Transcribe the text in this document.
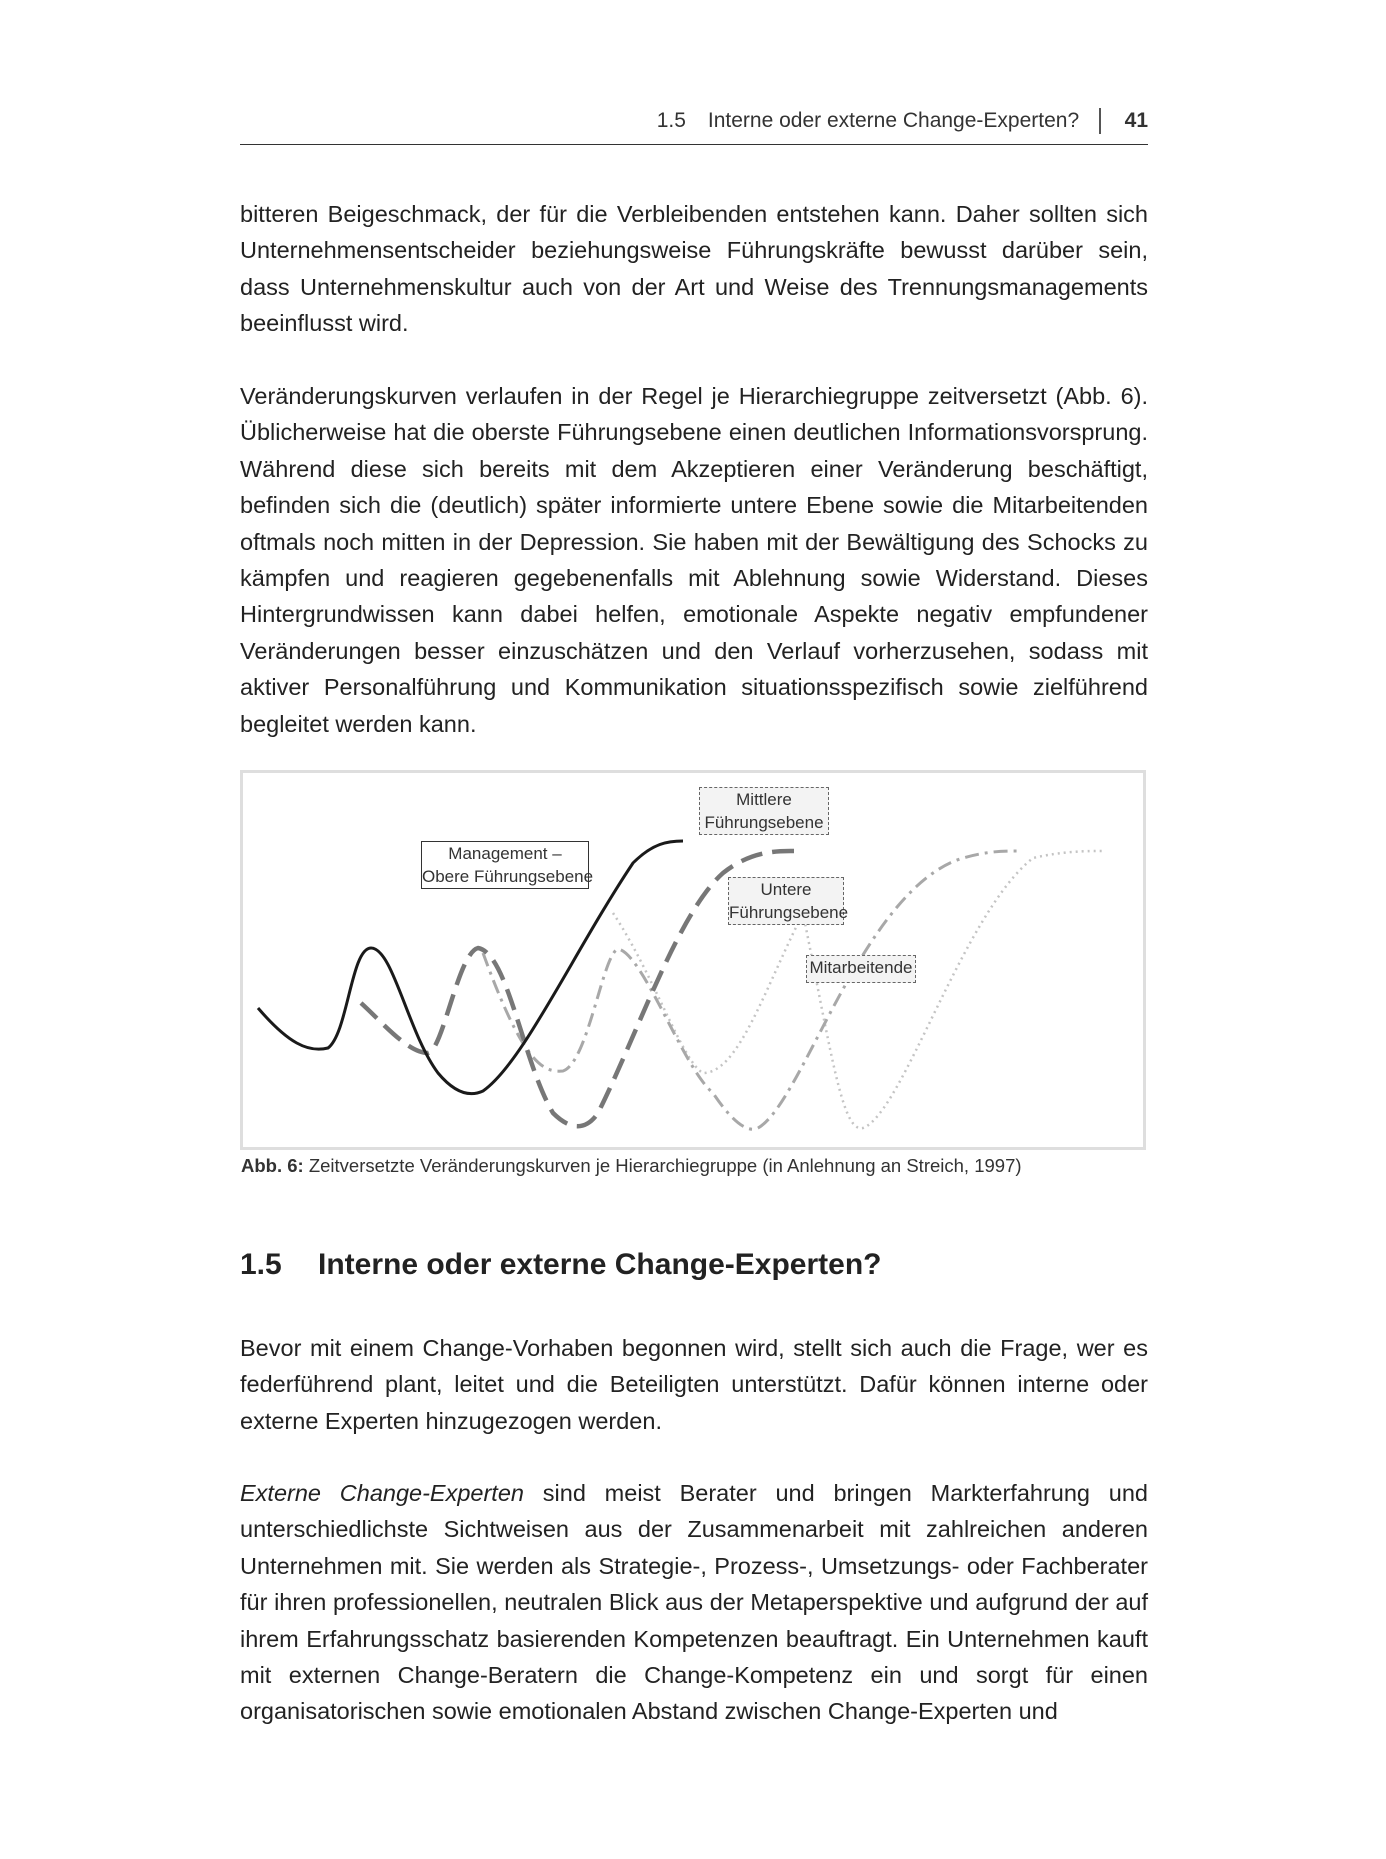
1.5 Interne oder externe Change-Experten? 41

bitteren Beigeschmack, der für die Verbleibenden entstehen kann. Daher sollten sich Unternehmensentscheider beziehungsweise Führungskräfte bewusst darüber sein, dass Unternehmenskultur auch von der Art und Weise des Trennungsmanagements beeinflusst wird.

Veränderungskurven verlaufen in der Regel je Hierarchiegruppe zeitversetzt (Abb. 6). Üblicherweise hat die oberste Führungsebene einen deutlichen Informationsvorsprung. Während diese sich bereits mit dem Akzeptieren einer Veränderung beschäftigt, befinden sich die (deutlich) später informierte untere Ebene sowie die Mitarbeitenden oftmals noch mitten in der Depression. Sie haben mit der Bewältigung des Schocks zu kämpfen und reagieren gegebenenfalls mit Ablehnung sowie Widerstand. Dieses Hintergrundwissen kann dabei helfen, emotionale Aspekte negativ empfundener Veränderungen besser einzuschätzen und den Verlauf vorherzusehen, sodass mit aktiver Personalführung und Kommunikation situationsspezifisch sowie zielführend begleitet werden kann.

Management –
Obere Führungsebene
Mittlere
Führungsebene
Untere
Führungsebene
Mitarbeitende
Abb. 6: Zeitversetzte Veränderungskurven je Hierarchiegruppe (in Anlehnung an Streich, 1997)
1.5 Interne oder externe Change-Experten?

Bevor mit einem Change-Vorhaben begonnen wird, stellt sich auch die Frage, wer es federführend plant, leitet und die Beteiligten unterstützt. Dafür können interne oder externe Experten hinzugezogen werden.

Externe Change-Experten sind meist Berater und bringen Markterfahrung und unterschiedlichste Sichtweisen aus der Zusammenarbeit mit zahlreichen anderen Unternehmen mit. Sie werden als Strategie-, Prozess-, Umsetzungs- oder Fachberater für ihren professionellen, neutralen Blick aus der Metaperspektive und aufgrund der auf ihrem Erfahrungsschatz basierenden Kompetenzen beauftragt. Ein Unternehmen kauft mit externen Change-Beratern die Change-Kompetenz ein und sorgt für einen organisatorischen sowie emotionalen Abstand zwischen Change-Experten und
